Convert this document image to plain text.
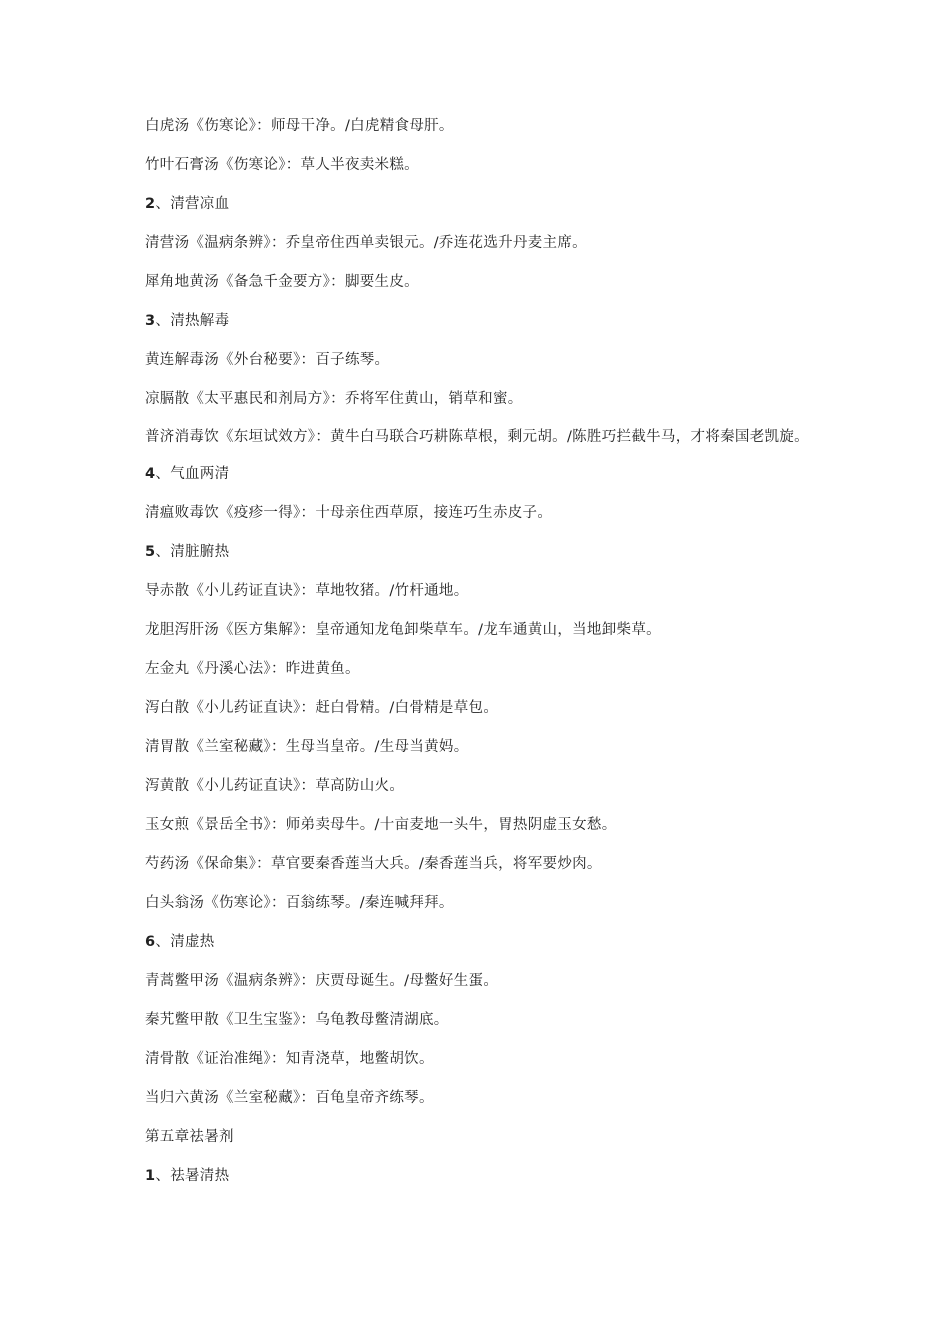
白虎汤《伤寒论》：师母干净。/白虎精食母肝。

竹叶石膏汤《伤寒论》：草人半夜卖米糕。

2、清营凉血

清营汤《温病条辨》：乔皇帝住西单卖银元。/乔连花选升丹麦主席。

犀角地黄汤《备急千金要方》：脚要生皮。

3、清热解毒

黄连解毒汤《外台秘要》：百子练琴。

凉膈散《太平惠民和剂局方》：乔将军住黄山，销草和蜜。

普济消毒饮《东垣试效方》：黄牛白马联合巧耕陈草根，剩元胡。/陈胜巧拦截牛马，才将秦国老凯旋。

4、气血两清

清瘟败毒饮《疫疹一得》：十母亲住西草原，接连巧生赤皮子。

5、清脏腑热

导赤散《小儿药证直诀》：草地牧猪。/竹杆通地。

龙胆泻肝汤《医方集解》：皇帝通知龙龟卸柴草车。/龙车通黄山，当地卸柴草。

左金丸《丹溪心法》：昨进黄鱼。

泻白散《小儿药证直诀》：赶白骨精。/白骨精是草包。

清胃散《兰室秘藏》：生母当皇帝。/生母当黄妈。

泻黄散《小儿药证直诀》：草高防山火。

玉女煎《景岳全书》：师弟卖母牛。/十亩麦地一头牛，胃热阴虚玉女愁。

芍药汤《保命集》：草官要秦香莲当大兵。/秦香莲当兵，将军要炒肉。

白头翁汤《伤寒论》：百翁练琴。/秦连喊拜拜。

6、清虚热

青蒿鳖甲汤《温病条辨》：庆贾母诞生。/母鳖好生蛋。

秦艽鳖甲散《卫生宝鉴》：乌龟教母鳖清湖底。

清骨散《证治准绳》：知青浇草，地鳖胡饮。

当归六黄汤《兰室秘藏》：百龟皇帝齐练琴。

第五章祛暑剂

1、祛暑清热
